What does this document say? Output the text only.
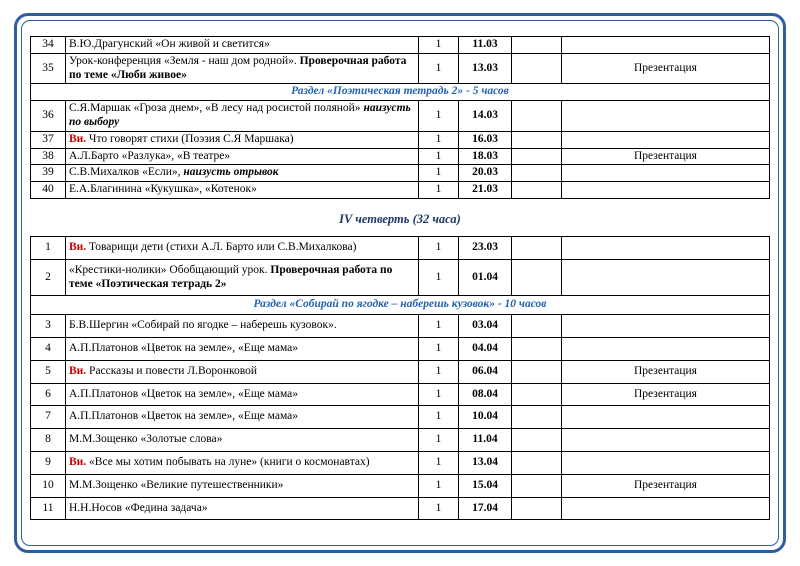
34	В.Ю.Драгунский «Он живой и светится»	1	11.03		
35	Урок-конференция «Земля - наш дом родной». Проверочная работа по теме «Люби живое»	1	13.03		Презентация
Раздел «Поэтическая тетрадь 2» - 5 часов					
36	С.Я.Маршак «Гроза днем», «В лесу над росистой поляной» наизусть по выбору	1	14.03		
37	Ви. Что говорят стихи (Поэзия С.Я Маршака)	1	16.03		
38	А.Л.Барто «Разлука», «В театре»	1	18.03		Презентация
39	С.В.Михалков «Если», наизусть отрывок	1	20.03		
40	Е.А.Благинина «Кукушка», «Котенок»	1	21.03		
IV четверть (32 часа)
1	Ви. Товарищи дети (стихи А.Л. Барто или С.В.Михалкова)	1	23.03		
2	«Крестики-нолики» Обобщающий урок. Проверочная работа по теме «Поэтическая тетрадь 2»	1	01.04		
Раздел «Собирай по ягодке – наберешь кузовок» - 10 часов					
3	Б.В.Шергин «Собирай по ягодке – наберешь кузовок».	1	03.04		
4	А.П.Платонов «Цветок на земле», «Еще мама»	1	04.04		
5	Ви. Рассказы и повести Л.Воронковой	1	06.04		Презентация
6	А.П.Платонов «Цветок на земле», «Еще мама»	1	08.04		Презентация
7	А.П.Платонов «Цветок на земле», «Еще мама»	1	10.04		
8	М.М.Зощенко «Золотые слова»	1	11.04		
9	Ви. «Все мы хотим побывать на луне» (книги о космонавтах)	1	13.04		
10	М.М.Зощенко «Великие путешественники»	1	15.04		Презентация
11	Н.Н.Носов «Федина задача»	1	17.04		
